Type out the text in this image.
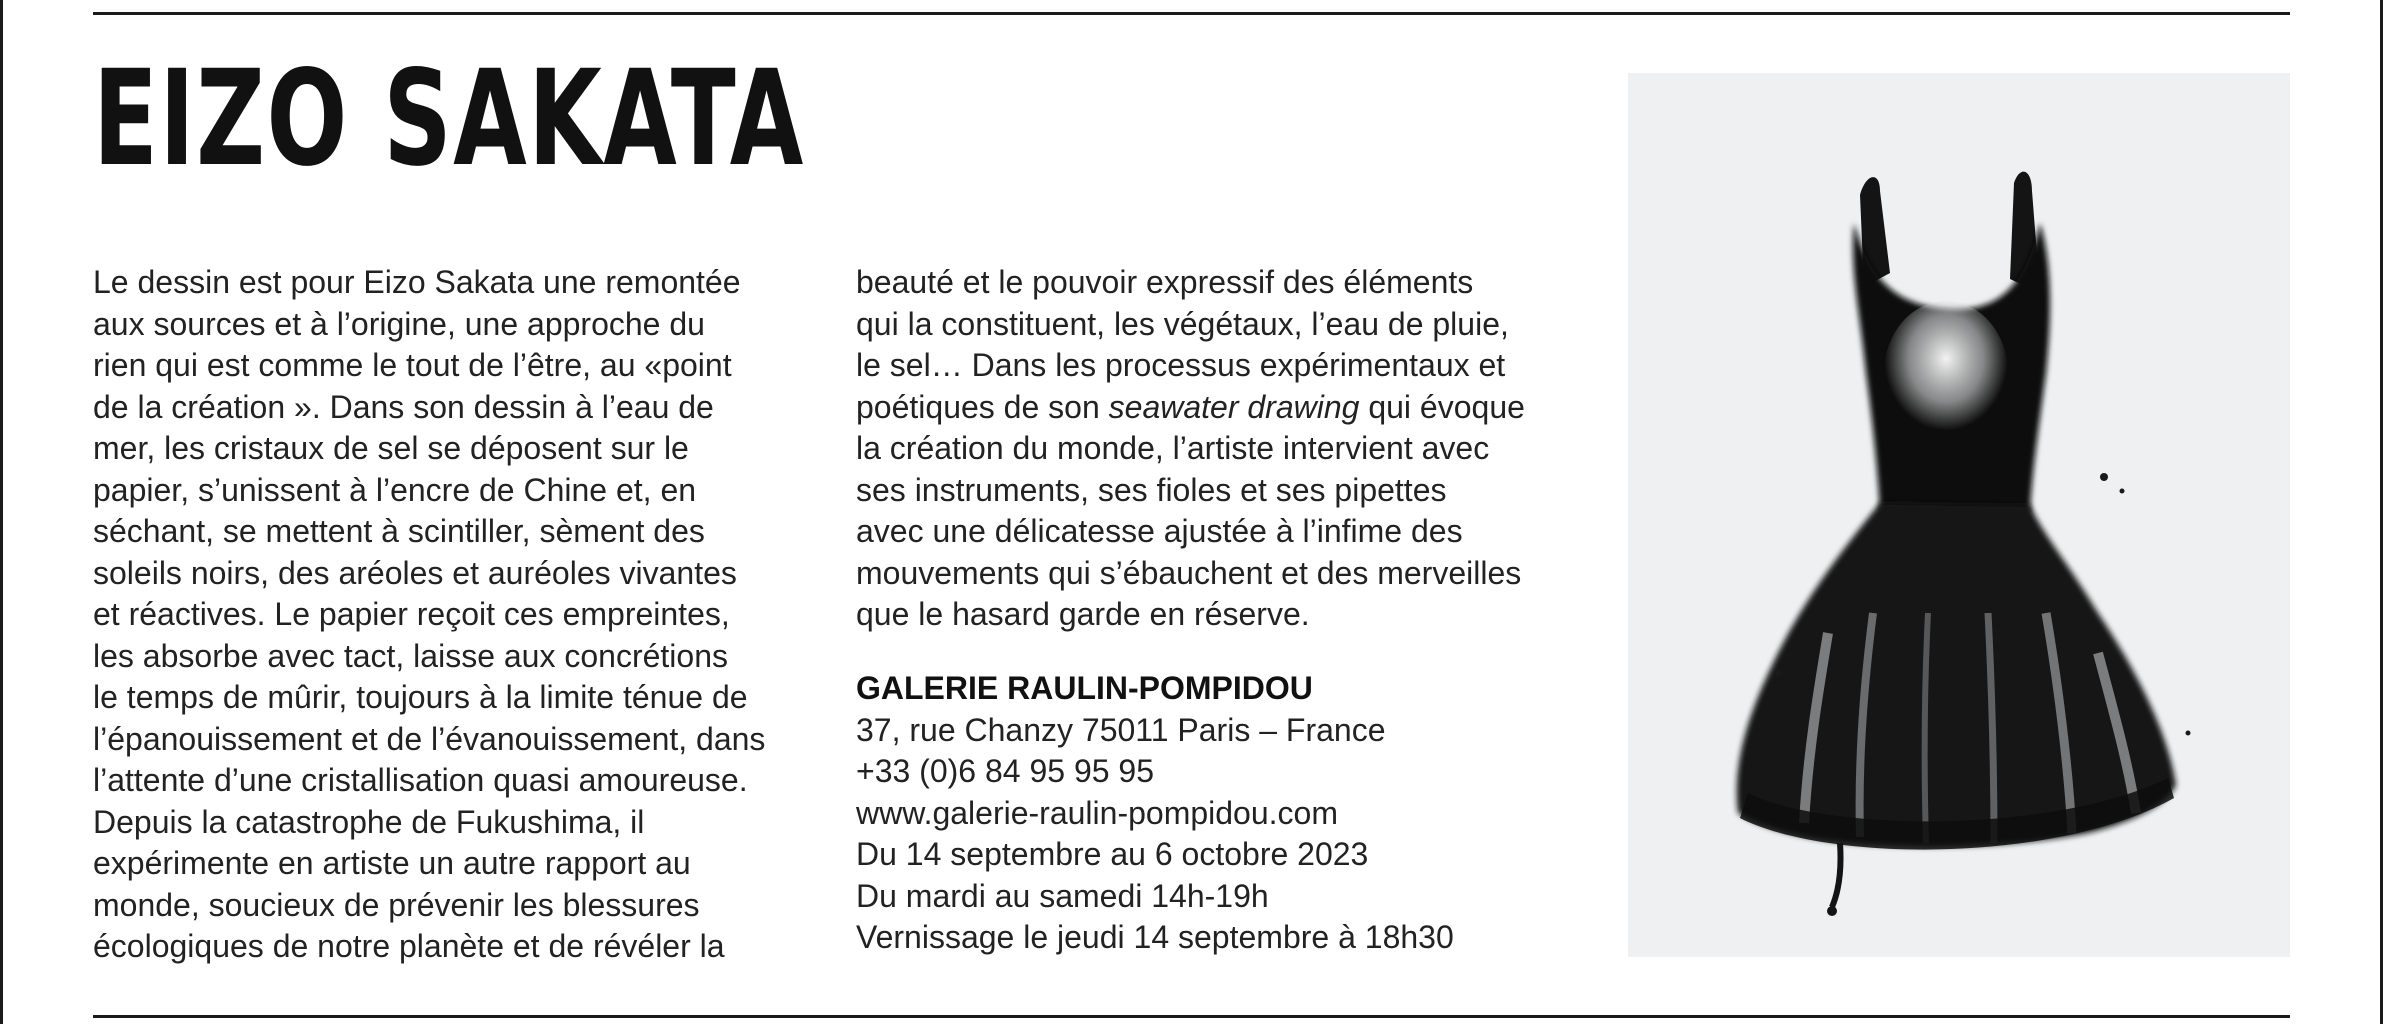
EIZO SAKATA

Le dessin est pour Eizo Sakata une remontée

aux sources et à l’origine, une approche du

rien qui est comme le tout de l’être, au «point

de la création ». Dans son dessin à l’eau de

mer, les cristaux de sel se déposent sur le

papier, s’unissent à l’encre de Chine et, en

séchant, se mettent à scintiller, sèment des

soleils noirs, des aréoles et auréoles vivantes

et réactives. Le papier reçoit ces empreintes,

les absorbe avec tact, laisse aux concrétions

le temps de mûrir, toujours à la limite ténue de

l’épanouissement et de l’évanouissement, dans

l’attente d’une cristallisation quasi amoureuse.

Depuis la catastrophe de Fukushima, il

expérimente en artiste un autre rapport au

monde, soucieux de prévenir les blessures

écologiques de notre planète et de révéler la

beauté et le pouvoir expressif des éléments

qui la constituent, les végétaux, l’eau de pluie,

le sel… Dans les processus expérimentaux et

poétiques de son seawater drawing qui évoque

la création du monde, l’artiste intervient avec

ses instruments, ses fioles et ses pipettes

avec une délicatesse ajustée à l’infime des

mouvements qui s’ébauchent et des merveilles

que le hasard garde en réserve.

GALERIE RAULIN-POMPIDOU
37, rue Chanzy 75011 Paris – France
+33 (0)6 84 95 95 95
www.galerie-raulin-pompidou.com
Du 14 septembre au 6 octobre 2023
Du mardi au samedi 14h-19h
Vernissage le jeudi 14 septembre à 18h30
